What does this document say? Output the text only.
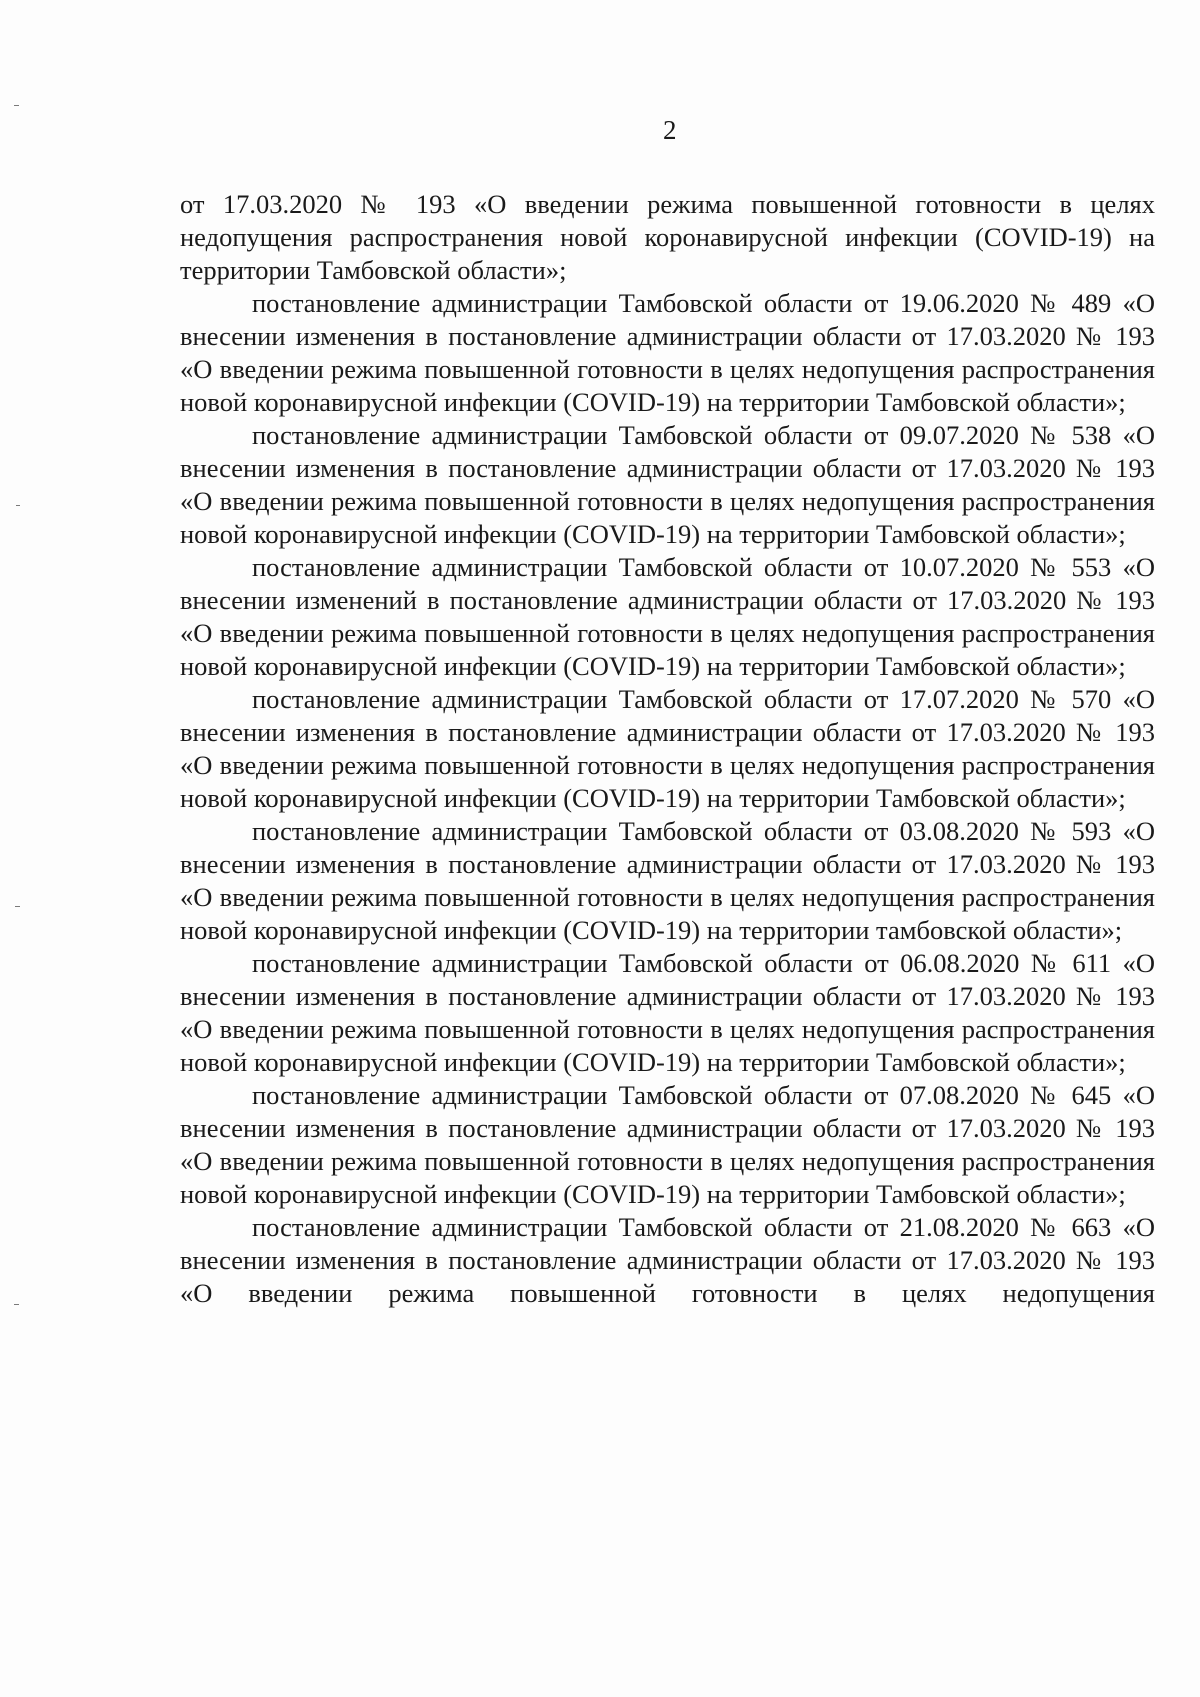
2

от 17.03.2020 № 193 «О введении режима повышенной готовности в целях недопущения распространения новой коронавирусной инфекции (COVID-19) на территории Тамбовской области»;

постановление администрации Тамбовской области от 19.06.2020 № 489 «О внесении изменения в постановление администрации области от 17.03.2020 № 193 «О введении режима повышенной готовности в целях недопущения распространения новой коронавирусной инфекции (COVID-19) на территории Тамбовской области»;

постановление администрации Тамбовской области от 09.07.2020 № 538 «О внесении изменения в постановление администрации области от 17.03.2020 № 193 «О введении режима повышенной готовности в целях недопущения распространения новой коронавирусной инфекции (COVID-19) на территории Тамбовской области»;

постановление администрации Тамбовской области от 10.07.2020 № 553 «О внесении изменений в постановление администрации области от 17.03.2020 № 193 «О введении режима повышенной готовности в целях недопущения распространения новой коронавирусной инфекции (COVID-19) на территории Тамбовской области»;

постановление администрации Тамбовской области от 17.07.2020 № 570 «О внесении изменения в постановление администрации области от 17.03.2020 № 193 «О введении режима повышенной готовности в целях недопущения распространения новой коронавирусной инфекции (COVID-19) на территории Тамбовской области»;

постановление администрации Тамбовской области от 03.08.2020 № 593 «О внесении изменения в постановление администрации области от 17.03.2020 № 193 «О введении режима повышенной готовности в целях недопущения распространения новой коронавирусной инфекции (COVID-19) на территории тамбовской области»;

постановление администрации Тамбовской области от 06.08.2020 № 611 «О внесении изменения в постановление администрации области от 17.03.2020 № 193 «О введении режима повышенной готовности в целях недопущения распространения новой коронавирусной инфекции (COVID-19) на территории Тамбовской области»;

постановление администрации Тамбовской области от 07.08.2020 № 645 «О внесении изменения в постановление администрации области от 17.03.2020 № 193 «О введении режима повышенной готовности в целях недопущения распространения новой коронавирусной инфекции (COVID-19) на территории Тамбовской области»;

постановление администрации Тамбовской области от 21.08.2020 № 663 «О внесении изменения в постановление администрации области от 17.03.2020 № 193 «О введении режима повышенной готовности в целях недопущения
